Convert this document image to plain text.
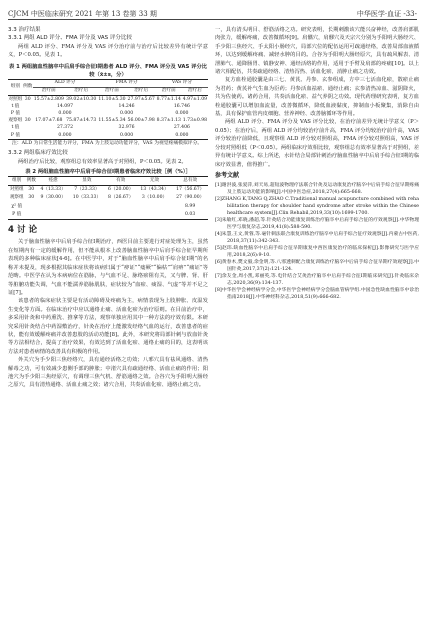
CJCM 中医临床研究 2021 年第 13 卷第 33 期	中华医学·血证 -33-
3.3 治疗结果
3.3.1 两组 ALD 评分、FMA 评分及 VAS 评分比较
两组 ALD 评分、FMA 评分及 VAS 评分治疗前与治疗后比较差异有统计学意义，P＜0.05。见表 1。
表 1 两组脑血性脑卒中后肩手综合征Ⅰ期患者 ALD 评分、FMA 评分及 VAS 评分比较（x̄±s，分）
组别	例数	ALD 评分		FMA 评分		VAS 评分	
		治疗前	治疗后	治疗前	治疗后	治疗前	治疗后
对照组	30	15.57±2.809	39.02±10.30	11.10±5.30	27.97±5.67	8.77±1.14	4.97±1.09
t 值		14.097		14.246		16.746	
P 值		0.000		0.000		0.000	
观察组	30	17.07±7.68	75.87±14.73	11.55±5.34	56.00±7.98	8.37±1.13	1.73±0.98
t 值		27.372		32.976		27.406	
P 值		0.000		0.000		0.000	
注：ALD 为日常生活能力评分，FMA 为上肢运动功能评分，VAS 为视觉疼痛模拟评分。
3.3.2 两组临床疗效比较
两组治疗后比较，观察组总有效率显著高于对照组，P＜0.05。见表 2。
表 2 两组脑血性脑卒中后肩手综合征Ⅰ期患者临床疗效比较［例（%）］
组别	例数	痊愈	显效	有效	无效	总有效
对照组	30	4（13.33）	7（23.33）	6（20.00）	13（43.34）	17（56.67）
观察组	30	9（30.00）	10（33.33）	8（26.67）	3（10.00）	27（90.00）
χ² 值						8.99
P 值						0.03
4 讨 论
关于脑血性脑卒中后肩手综合征Ⅰ期治疗，西医目前主要进行对症处理为主，虽然在短期内有一定的缓解作用，但不能从根本上改善脑血性脑卒中后肩手综合征早期所表现的多种临床症状[4-6]。在中医学中，对于“脑血性脑卒中后肩手综合征Ⅰ期”的名称并未提及，现多根据其临床症状将该病归属于“痹证”“痿厥”“偏枯”“肩痹”“痛证”等范畴。中医学在认为本病病位在筋脉，与气血不足、脉络瘀阻有关，又与脾、肾、肝等脏腑功能失调，气血不能濡养筋脉肌肤，症状较为“血瘀、痰湿、气虚”等并不足之证[7]。
该患者的临床症状主要是有活动障碍及疼痛为主，病情表现为上肢肿胀、皮温发生变化等方面。在临床治疗中应以通络止痛、活血化瘀为治疗原则。在目前治疗中，多采用针灸和中药熏洗、推拿等方法，观察单独应用其中一种方法的疗效有限。本研究采用针灸结合中药湿敷治疗，针灸在治疗上能激发经络气血的运行，改善患者的症状，能有效缓解疼痛并改善患肢的活动功能[8]。此外，本研究将局部针刺与放血针灸等方法相结合，提高了治疗效果，有效达到了活血化瘀、通络止痛的目的，这表明该方法对患者病情的改善具有积极的作用。
外关穴为手少阳三焦经络穴，具有通经活络之功效；八邪穴具有祛风通络、清热解毒之功，可有效减少患侧手部的肿胀；中渚穴具有疏通经络、活血止痛的作用；阳池穴为手少阳三焦经原穴，有调理三焦气机、舒筋通络之效。合谷穴为手阳明大肠经之原穴，具有清热通络、活血止痛之效；诸穴合用，共奏活血化瘀、通络止痛之功。
一，具有清头明目、舒筋活络之功。研究表明，长期刺激该穴能兴奋神经，改善肩部肌肉张力，缓解疼痛，改善微循环[9]。肩髃穴，肩髎穴及天宗穴分别为手阳明大肠经穴、手少阳三焦经穴、手太阳小肠经穴，局部穴位的配伍运用可疏通经络，改善局部血液循环，以达到缓解疼痛、减轻水肿的目的。合谷为手阳明大肠经原穴，具有疏风解表、清泄肺气、通降肠胃、镇静安神、通经活络的作用，适用于手臂及肩部的疼痛[10]。以上诸穴相配伍，共奏疏通经络、清热泻热、活血化瘀、消肿止痛之功效。
复方血栓通胶囊是由三七、黄芪、丹参、玄参组成，方中三七活血化瘀，散瘀止痛为君药；黄芪补气生血为臣药；丹参活血祛瘀、通经止痛；玄参清热凉血、滋阴降火，共为佐使药。诸药合用，共奏活血化瘀、益气养阴之功效。现代药理研究表明，复方血栓通胶囊可以增加血流量，改善微循环，降低血液黏度，抑制血小板聚集，消除自由基，具有保护血管内皮细胞、营养神经、改善脑循环等作用。
两组 ALD 评分、FMA 评分及 VAS 评分比较，在治疗前差异无统计学意义（P＞0.05）；在治疗后，两组 ALD 评分均较治疗前升高，FMA 评分均较治疗前升高，VAS 评分较治疗前降低，且观察组 ALD 评分较对照组高，FMA 评分较对照组高，VAS 评分较对照组低（P＜0.05）。两组临床疗效相比较，观察组总有效率显著高于对照组，差异有统计学意义。综上所述，水针结合局部针刺治疗脑血性脑卒中后肩手综合征Ⅰ期的临床疗效显著，值得推广。
参考文献

[1]谢洪波,张爱萍,刘天易,超短波物理疗法联合针灸及运动康复治疗脑卒中后肩手综合征早期疼痛及上肢运动功能的影响[J].中国中医急症,2018,27(4):665-668.

[2]ZHANG K,TANG Q,ZHAO C.Traditional manual acupuncture combined with rehabilitation therapy for shoulder hand syndrome after stroke within the Chinese healthcare system[J].Clin Rehabil,2019,33(10):1699-1700.

[3]朱敏红,邓晓,潘超,等.针灸结合功能康复训练治疗脑卒中后肩手综合征的疗效观察[J].中华物理医学与康复杂志,2019,41(8):588-590.

[4]朱慧,王文,黄蓉,等.毫针刺法联合康复训练治疗脑卒中后肩手综合征疗效观察[J].内蒙古中医药,2018,37(11):342-343.

[5]赵玮.缺血性脑卒中后肩手综合征早期康复中西医康复治疗的临床探析[J].影像研究与医学应用,2018,2(6):9-10.

[6]黄春木,樊文毅,余金明,等.八邪透刺配合康复训练治疗脑卒中后肩手综合征早期疗效观察[J].中国针灸,2017,37(2):121-124.

[7]余友金,周小凯,邓丽英,等.电针结合艾灸治疗脑卒中后肩手综合征Ⅰ期临床研究[J].针灸临床杂志,2020,36(9):134-137.

[8]中华医学会神经病学分会,中华医学会神经病学分会脑血管病学组.中国急性缺血性脑卒中诊治指南2018[J].中华神经科杂志,2018,51(9):666-682.
